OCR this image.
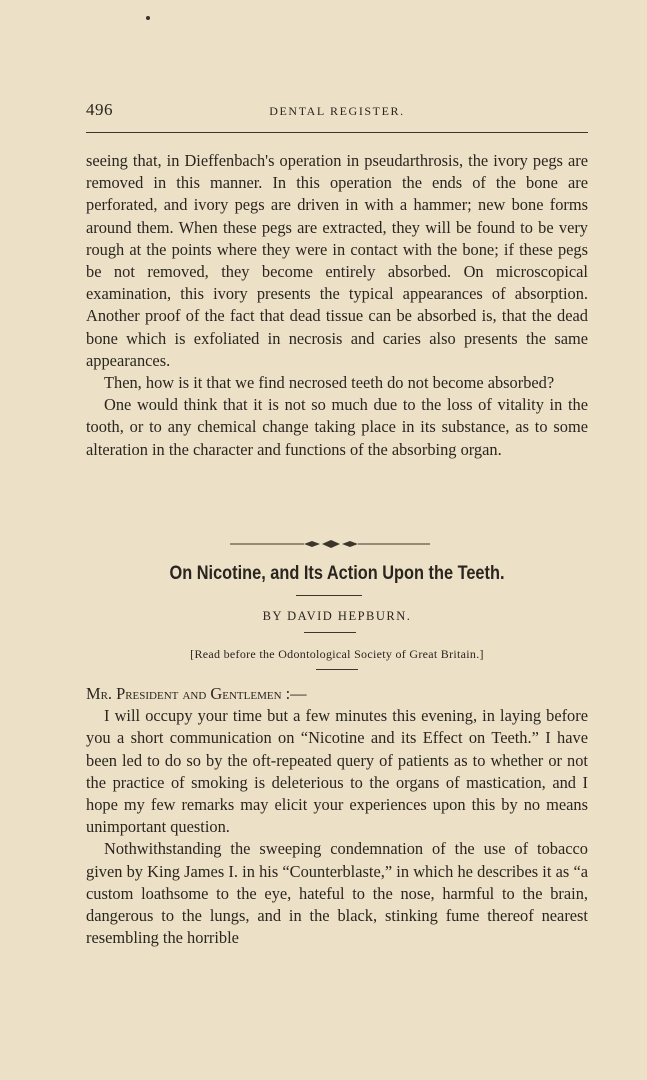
496	DENTAL REGISTER.

seeing that, in Dieffenbach's operation in pseudarthrosis, the ivory pegs are removed in this manner. In this operation the ends of the bone are perforated, and ivory pegs are driven in with a hammer; new bone forms around them. When these pegs are extracted, they will be found to be very rough at the points where they were in contact with the bone; if these pegs be not removed, they become entirely absorbed. On microscopical examination, this ivory presents the typical appearances of absorption. Another proof of the fact that dead tissue can be absorbed is, that the dead bone which is exfoliated in necrosis and caries also presents the same appearances.

Then, how is it that we find necrosed teeth do not become absorbed?

One would think that it is not so much due to the loss of vitality in the tooth, or to any chemical change taking place in its substance, as to some alteration in the character and functions of the absorbing organ.

On Nicotine, and Its Action Upon the Teeth.
BY DAVID HEPBURN.
[Read before the Odontological Society of Great Britain.]

Mr. President and Gentlemen :—

I will occupy your time but a few minutes this evening, in laying before you a short communication on “Nicotine and its Effect on Teeth.” I have been led to do so by the oft-repeated query of patients as to whether or not the practice of smoking is deleterious to the organs of mastication, and I hope my few remarks may elicit your experiences upon this by no means unimportant question.

Nothwithstanding the sweeping condemnation of the use of tobacco given by King James I. in his “Counterblaste,” in which he describes it as “a custom loathsome to the eye, hateful to the nose, harmful to the brain, dangerous to the lungs, and in the black, stinking fume thereof nearest resembling the horrible
